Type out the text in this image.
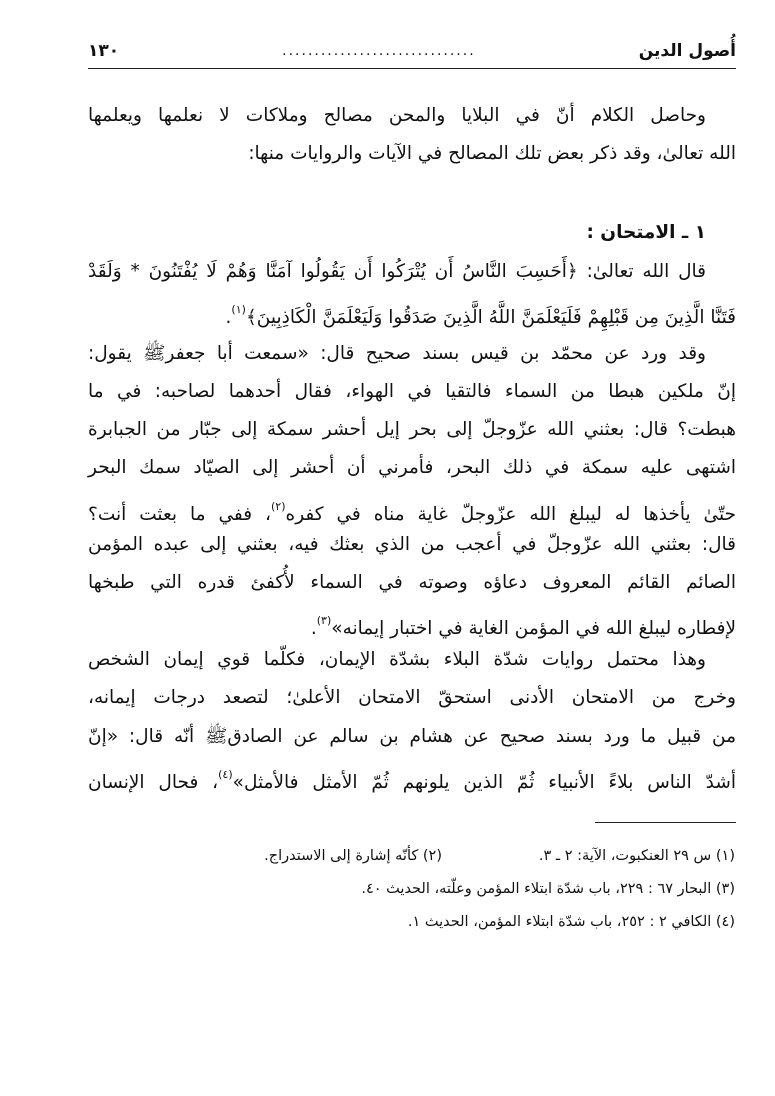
أُصول الدين
..............................
١٣٠
وحاصل الكلام أنّ في البلايا والمحن مصالح وملاكات لا نعلمها ويعلمها
الله تعالىٰ، وقد ذكر بعض تلك المصالح في الآيات والروايات منها:
١ ـ الامتحان :
قال الله تعالىٰ: ﴿أَحَسِبَ النَّاسُ أَن يُتْرَكُوا أَن يَقُولُوا آمَنَّا وَهُمْ لَا يُفْتَنُونَ * وَلَقَدْ
فَتَنَّا الَّذِينَ مِن قَبْلِهِمْ فَلَيَعْلَمَنَّ اللَّهُ الَّذِينَ صَدَقُوا وَلَيَعْلَمَنَّ الْكَاذِبِينَ﴾$^{(١)}$.
وقد ورد عن محمّد بن قيس بسند صحيح قال: «سمعت أبا جعفرﷺ يقول:
إنّ ملكين هبطا من السماء فالتقيا في الهواء، فقال أحدهما لصاحبه: في ما
هبطت؟ قال: بعثني الله عزّوجلّ إلى بحر إيل أحشر سمكة إلى جبّار من الجبابرة
اشتهى عليه سمكة في ذلك البحر، فأمرني أن أحشر إلى الصيّاد سمك البحر
حتّىٰ يأخذها له ليبلغ الله عزّوجلّ غاية مناه في كفره$^{(٢)}$، ففي ما بعثت أنت؟
قال: بعثني الله عزّوجلّ في أعجب من الذي بعثك فيه، بعثني إلى عبده المؤمن
الصائم القائم المعروف دعاؤه وصوته في السماء لأُكفئ قدره التي طبخها
لإفطاره ليبلغ الله في المؤمن الغاية في اختبار إيمانه»$^{(٣)}$.
وهذا محتمل روايات شدّة البلاء بشدّة الإيمان، فكلّما قوي إيمان الشخص
وخرج من الامتحان الأدنى استحقّ الامتحان الأعلىٰ؛ لتصعد درجات إيمانه،
من قبيل ما ورد بسند صحيح عن هشام بن سالم عن الصادقﷺ أنّه قال: «إنّ
أشدّ الناس بلاءً الأنبياء ثُمّ الذين يلونهم ثُمّ الأمثل فالأمثل»$^{(٤)}$، فحال الإنسان
(١) س ٢٩ العنكبوت، الآية: ٢ ـ ٣.
(٢) كأنّه إشارة إلى الاستدراج.
(٣) البحار ٦٧ : ٢٢٩، باب شدّة ابتلاء المؤمن وعلّته، الحديث ٤٠.
(٤) الكافي ٢ : ٢٥٢، باب شدّة ابتلاء المؤمن، الحديث ١.
